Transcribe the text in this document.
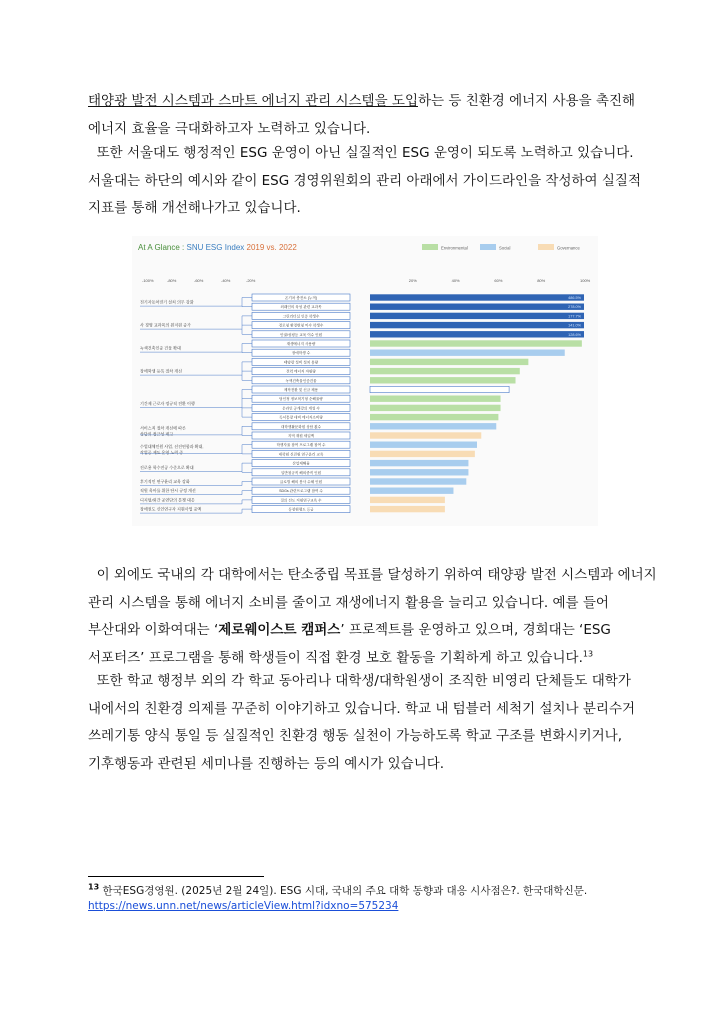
태양광 발전 시스템과 스마트 에너지 관리 시스템을 도입하는 등 친환경 에너지 사용을 촉진해
에너지 효율을 극대화하고자 노력하고 있습니다.
또한 서울대도 행정적인 ESG 운영이 아닌 실질적인 ESG 운영이 되도록 노력하고 있습니다.
서울대는 하단의 예시와 같이 ESG 경영위원회의 관리 아래에서 가이드라인을 작성하여 실질적
지표를 통해 개선해나가고 있습니다.
At A Glance : SNU ESG Index 2019 vs. 2022	Environmental	Social	Governance
-100%	-80%	-60%	-40%	-20%	20%	40%	60%	80%	100%
전기자동차전기 설치 의무 강화
사 경영 교과목의 원저원 증가
녹색건축인증 건물 확대
장애학생 등록 절차 개선
기간제 근로자 정규직 전환 이행
서비스직 절차 개선에 따른
상담의 접근성 제고
수업대체인원 사업, 선진연합과 확대,
작업공 제도 운영 노력 중
진로용 학수전공 수준으로 확대
후기적인 연구윤리 교육 강화
직원 육아를 위한 단시 규정 개선
디지털/외간 공연단의 분쟁 대응
장애권도 신인연구자 지원사업 증액
온기차 충전소 (누적)	486.5%
외래인의 육성 관련 교과목	278.0%
그린리더십 인증 학생수	177.7%
경로형 환경변형 이수 학생수	141.0%
인권/성평등 교육 이수 인원	128.6%
재생에너지 사용량
장애학생 수
태양광 설비 설치 용량
전력 에너지 자원량
녹색건축물인증건물
제작전환 및 신규 채용
담인정 정보혁기형 순해율량
온라인 공개강의 개설 수
독서통장 대비 에너지소비량
대학생활문화원 상담 횟수
지역 재원 세입액
학생자율 참여 프로그램 참여 수
대학원 신진원 연구윤리 교육
산업재해율
일반청규직 해외중직 인원
글로벌 해외 봉사 수혜 인원
SDGs 관련프로그램 참여 수
질의 선도 지원연구교육 수
동창원행도 등급
이 외에도 국내의 각 대학에서는 탄소중립 목표를 달성하기 위하여 태양광 발전 시스템과 에너지
관리 시스템을 통해 에너지 소비를 줄이고 재생에너지 활용을 늘리고 있습니다. 예를 들어
부산대와 이화여대는 ‘제로웨이스트 캠퍼스’ 프로젝트를 운영하고 있으며, 경희대는 ‘ESG
서포터즈’ 프로그램을 통해 학생들이 직접 환경 보호 활동을 기획하게 하고 있습니다.$^{13}$
또한 학교 행정부 외의 각 학교 동아리나 대학생/대학원생이 조직한 비영리 단체들도 대학가
내에서의 친환경 의제를 꾸준히 이야기하고 있습니다. 학교 내 텀블러 세척기 설치나 분리수거
쓰레기통 양식 통일 등 실질적인 친환경 행동 실천이 가능하도록 학교 구조를 변화시키거나,
기후행동과 관련된 세미나를 진행하는 등의 예시가 있습니다.
$^{13}$ 한국ESG경영원. (2025년 2월 24일). ESG 시대, 국내의 주요 대학 동향과 대응 시사점은?. 한국대학신문.
https://news.unn.net/news/articleView.html?idxno=575234
